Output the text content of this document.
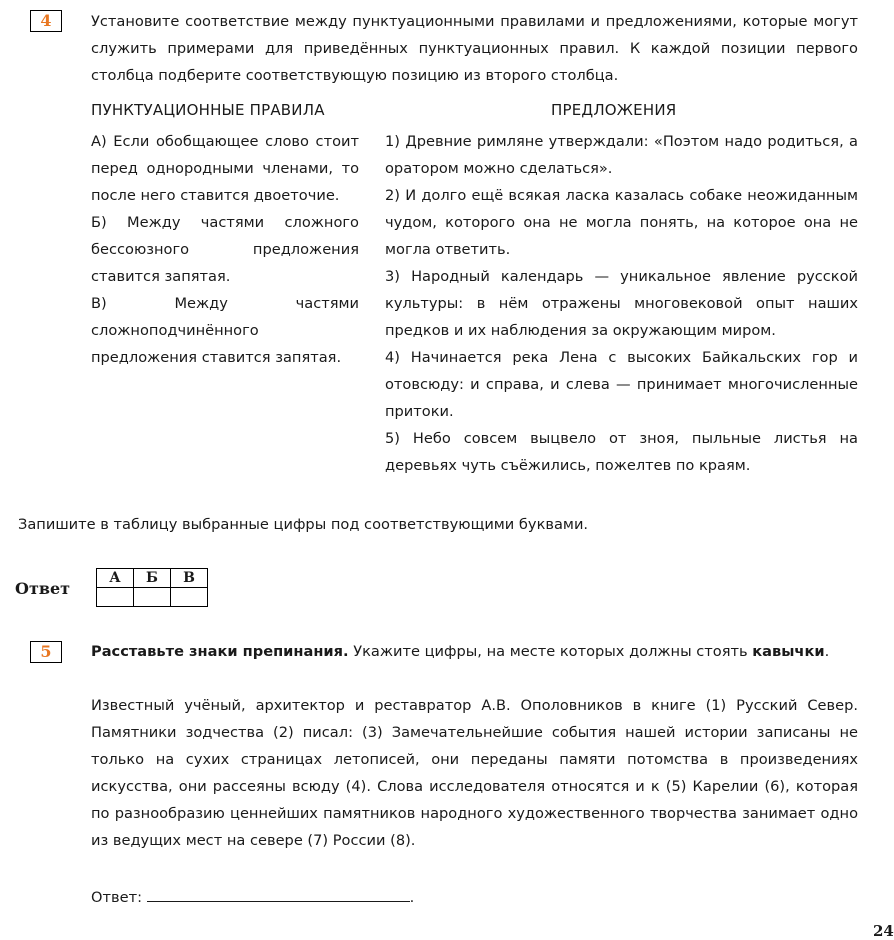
4	Установите соответствие между пунктуационными правилами и предложениями, которые могут служить примерами для приведённых пунктуационных правил. К каждой позиции первого столбца подберите соответствующую позицию из второго столбца.

ПУНКТУАЦИОННЫЕ ПРАВИЛА	ПРЕДЛОЖЕНИЯ

А) Если обобщающее слово стоит перед однородными членами, то после него ставится двоеточие.

Б) Между частями сложного бессоюзного предложения ставится запятая.

В) Между частями сложноподчинённого предложения ставится запятая.

1) Древние римляне утверждали: «Поэтом надо родиться, а оратором можно сделаться».

2) И долго ещё всякая ласка казалась собаке неожиданным чудом, которого она не могла понять, на которое она не могла ответить.

3) Народный календарь — уникальное явление русской культуры: в нём отражены многовековой опыт наших предков и их наблюдения за окружающим миром.

4) Начинается река Лена с высоких Байкальских гор и отовсюду: и справа, и слева — принимает многочисленные притоки.

5) Небо совсем выцвело от зноя, пыльные листья на деревьях чуть съёжились, пожелтев по краям.

Запишите в таблицу выбранные цифры под соответствующими буквами.
Ответ
А	Б	В

5	Расставьте знаки препинания. Укажите цифры, на месте которых должны стоять кавычки.

Известный учёный, архитектор и реставратор А.В. Ополовников в книге (1) Русский Север. Памятники зодчества (2) писал: (3) Замечательнейшие события нашей истории записаны не только на сухих страницах летописей, они переданы памяти потомства в произведениях искусства, они рассеяны всюду (4). Слова исследователя относятся и к (5) Карелии (6), которая по разнообразию ценнейших памятников народного художественного творчества занимает одно из ведущих мест на севере (7) России (8).

Ответ:	.
24
